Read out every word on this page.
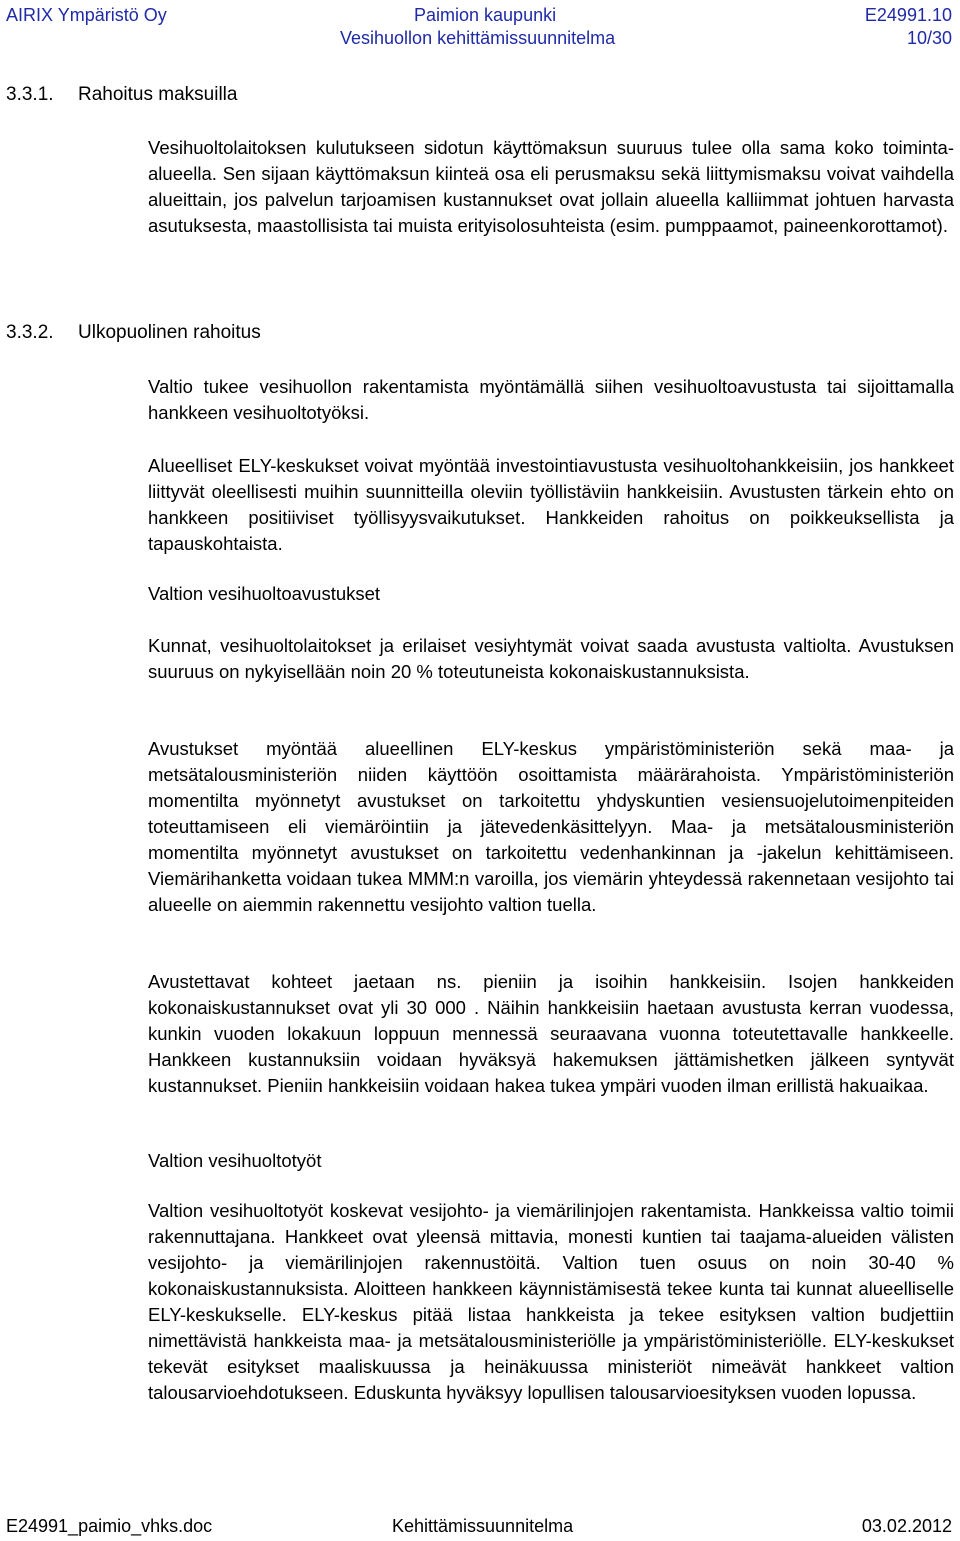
AIRIX Ympäristö Oy	Paimion kaupunki	E24991.10
Vesihuollon kehittämissuunnitelma	10/30
3.3.1. Rahoitus maksuilla

Vesihuoltolaitoksen kulutukseen sidotun käyttömaksun suuruus tulee olla sama koko toiminta-alueella. Sen sijaan käyttömaksun kiinteä osa eli perusmaksu sekä liittymismaksu voivat vaihdella alueittain, jos palvelun tarjoamisen kustannukset ovat jollain alueella kalliimmat johtuen harvasta asutuksesta, maastollisista tai muista erityisolosuhteista (esim. pumppaamot, paineenkorottamot).

3.3.2. Ulkopuolinen rahoitus

Valtio tukee vesihuollon rakentamista myöntämällä siihen vesihuoltoavustusta tai sijoittamalla hankkeen vesihuoltotyöksi.

Alueelliset ELY-keskukset voivat myöntää investointiavustusta vesihuoltohankkeisiin, jos hankkeet liittyvät oleellisesti muihin suunnitteilla oleviin työllistäviin hankkeisiin. Avustusten tärkein ehto on hankkeen positiiviset työllisyysvaikutukset. Hankkeiden rahoitus on poikkeuksellista ja tapauskohtaista.

Valtion vesihuoltoavustukset

Kunnat, vesihuoltolaitokset ja erilaiset vesiyhtymät voivat saada avustusta valtiolta. Avustuksen suuruus on nykyisellään noin 20 % toteutuneista kokonaiskustannuksista.

Avustukset myöntää alueellinen ELY-keskus ympäristöministeriön sekä maa- ja metsätalousministeriön niiden käyttöön osoittamista määrärahoista. Ympäristöministeriön momentilta myönnetyt avustukset on tarkoitettu yhdyskuntien vesiensuojelutoimenpiteiden toteuttamiseen eli viemäröintiin ja jätevedenkäsittelyyn. Maa- ja metsätalousministeriön momentilta myönnetyt avustukset on tarkoitettu vedenhankinnan ja -jakelun kehittämiseen. Viemärihanketta voidaan tukea MMM:n varoilla, jos viemärin yhteydessä rakennetaan vesijohto tai alueelle on aiemmin rakennettu vesijohto valtion tuella.

Avustettavat kohteet jaetaan ns. pieniin ja isoihin hankkeisiin. Isojen hankkeiden kokonaiskustannukset ovat yli 30 000 . Näihin hankkeisiin haetaan avustusta kerran vuodessa, kunkin vuoden lokakuun loppuun mennessä seuraavana vuonna toteutettavalle hankkeelle. Hankkeen kustannuksiin voidaan hyväksyä hakemuksen jättämishetken jälkeen syntyvät kustannukset. Pieniin hankkeisiin voidaan hakea tukea ympäri vuoden ilman erillistä hakuaikaa.

Valtion vesihuoltotyöt

Valtion vesihuoltotyöt koskevat vesijohto- ja viemärilinjojen rakentamista. Hankkeissa valtio toimii rakennuttajana. Hankkeet ovat yleensä mittavia, monesti kuntien tai taajama-alueiden välisten vesijohto- ja viemärilinjojen rakennustöitä. Valtion tuen osuus on noin 30-40 % kokonaiskustannuksista. Aloitteen hankkeen käynnistämisestä tekee kunta tai kunnat alueelliselle ELY-keskukselle. ELY-keskus pitää listaa hankkeista ja tekee esityksen valtion budjettiin nimettävistä hankkeista maa- ja metsätalousministeriölle ja ympäristöministeriölle. ELY-keskukset tekevät esitykset maaliskuussa ja heinäkuussa ministeriöt nimeävät hankkeet valtion talousarvioehdotukseen. Eduskunta hyväksyy lopullisen talousarvioesityksen vuoden lopussa.

E24991_paimio_vhks.doc	Kehittämissuunnitelma	03.02.2012
